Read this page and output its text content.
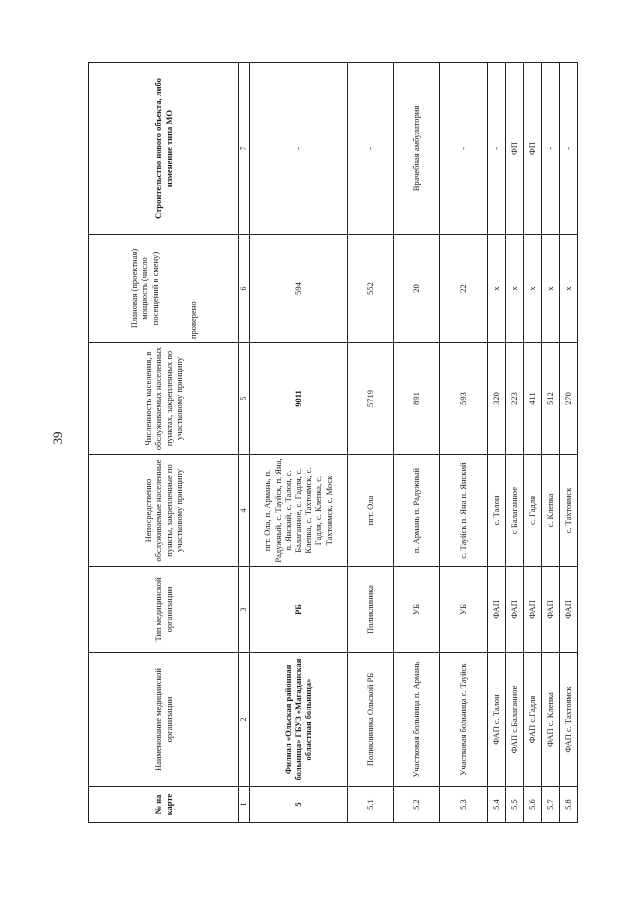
39
№ на карте	Наименование медицинской организации	Тип медицинской организации	Непосредственно обслуживаемые населенные пункты, закрепленные по участковому принципу	Численность населения, в обслуживаемых населенных пунктах, закрепленных по участковому принципу	Плановая (проектная) мощность (число посещений в смену) проверено	Строительство нового объекта, либо изменение типа МО
1	2	3	4	5	6	7
5	Филиал «Ольская районная больница» ГБУЗ «Магаданская областная больница»	РБ	пгт. Ола, п. Армань, п. Радужный, с. Тауйск, п. Яна, п. Янский, с. Талон, с. Балаганное, с. Гадля, с. Клепка, с. Тахтоямск, с. Гадля, с. Клепка, с. Тахтоямск, с. Моск	9011	594	-
5.1	Поликлиника Ольской РБ	Поликлиника	пгт. Ола	5719	552	-
5.2	Участковая больница п. Армань	УБ	п. Армань п. Радужный	891	20	Врачебная амбулатория
5.3	Участковая больница с. Тауйск	УБ	с. Тауйск п. Яна п. Янский	593	22	-
5.4	ФАП с. Талон	ФАП	с. Талон	320	x	-
5.5	ФАП с.Балаганное	ФАП	с Балаганное	223	x	ФП
5.6	ФАП с.Гадля	ФАП	с. Гадля	411	x	ФП
5.7	ФАП с. Клепка	ФАП	с. Клепка	512	x	-
5.8	ФАП с. Тахтоямск	ФАП	с. Тахтоямск	270	x	-
